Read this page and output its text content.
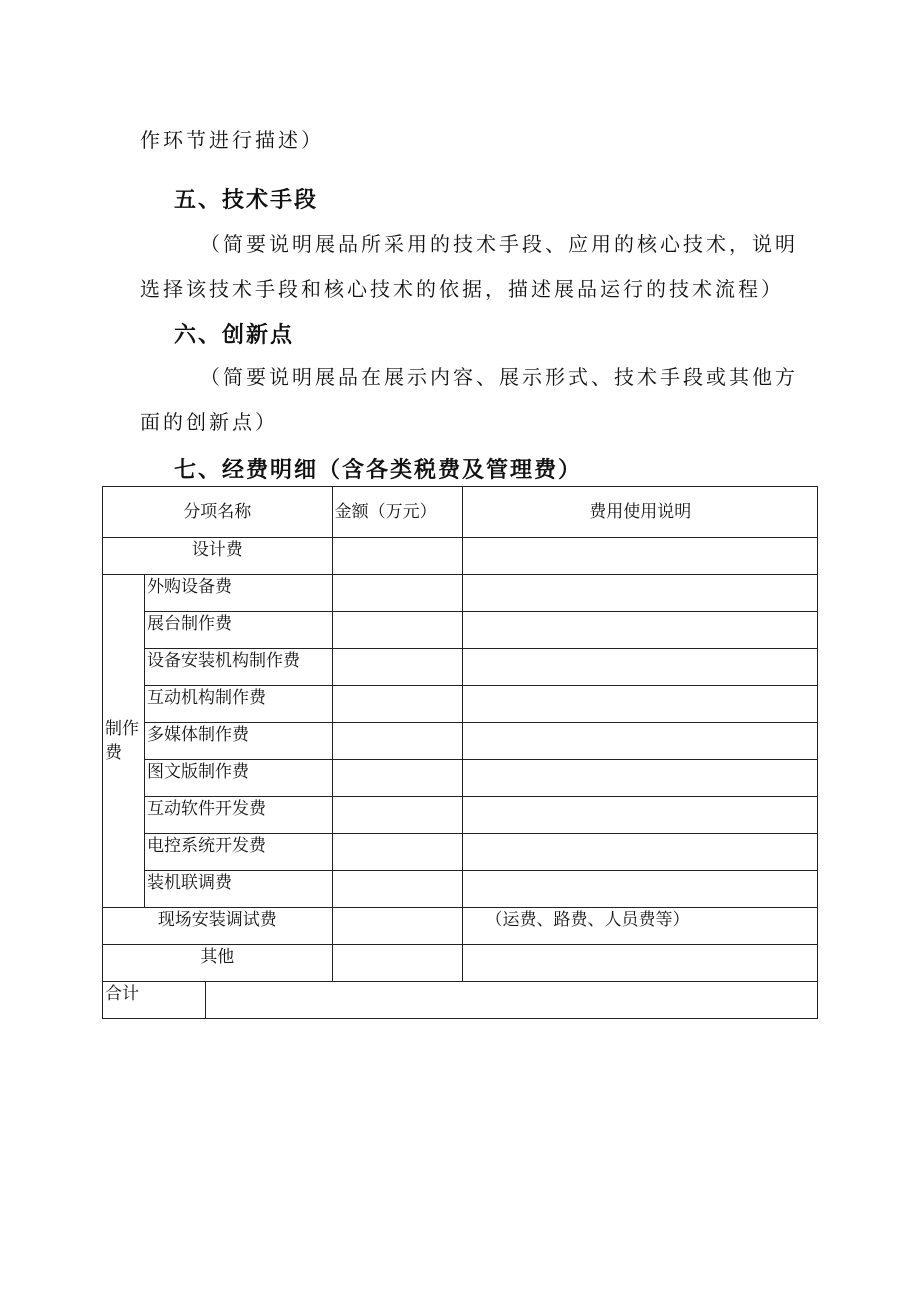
作环节进行描述）

五、技术手段

（简要说明展品所采用的技术手段、应用的核心技术，说明选择该技术手段和核心技术的依据，描述展品运行的技术流程）

六、创新点

（简要说明展品在展示内容、展示形式、技术手段或其他方面的创新点）

七、经费明细（含各类税费及管理费）
分项名称			金额（万元）	费用使用说明
设计费				
制作费	外购设备费			
	展台制作费			
	设备安装机构制作费			
	互动机构制作费			
	多媒体制作费			
	图文版制作费			
	互动软件开发费			
	电控系统开发费			
	装机联调费			
现场安装调试费				（运费、路费、人员费等）
其他				
合计				
